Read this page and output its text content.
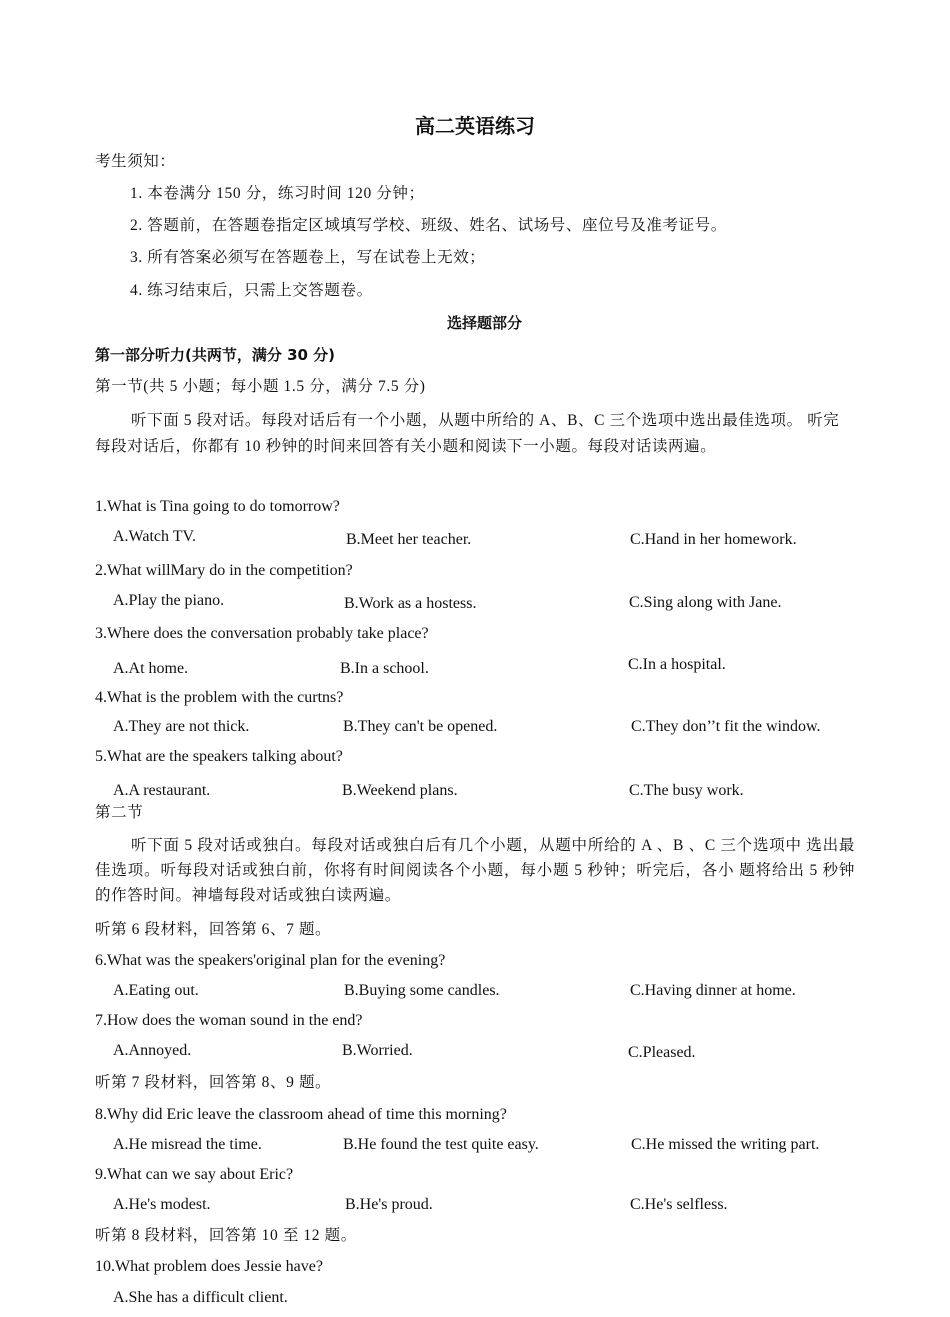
高二英语练习
考生须知：
1. 本卷满分 150 分，练习时间 120 分钟；
2. 答题前，在答题卷指定区域填写学校、班级、姓名、试场号、座位号及准考证号。
3. 所有答案必须写在答题卷上，写在试卷上无效；
4. 练习结束后，只需上交答题卷。
选择题部分
第一部分听力(共两节，满分 30 分)
第一节(共 5 小题；每小题 1.5 分，满分 7.5 分)
听下面 5 段对话。每段对话后有一个小题，从题中所给的 A、B、C 三个选项中选出最佳选项。 听完每段对话后，你都有 10 秒钟的时间来回答有关小题和阅读下一小题。每段对话读两遍。
1.What is Tina going to do tomorrow?
A.Watch TV.	B.Meet her teacher.	C.Hand in her homework.
2.What willMary do in the competition?
A.Play the piano.	B.Work as a hostess.	C.Sing along with Jane.
3.Where does the conversation probably take place?
A.At home.	B.In a school.	C.In a hospital.
4.What is the problem with the curtns?
A.They are not thick.	B.They can't be opened.	C.They don’’t fit the window.
5.What are the speakers talking about?
A.A restaurant.	B.Weekend plans.	C.The busy work.
第二节
听下面 5 段对话或独白。每段对话或独白后有几个小题，从题中所给的 A 、B 、C 三个选项中 选出最佳选项。听每段对话或独白前，你将有时间阅读各个小题，每小题 5 秒钟；听完后，各小 题将给出 5 秒钟的作答时间。神墙每段对话或独白读两遍。
听第 6 段材料，回答第 6、7 题。
6.What was the speakers'original plan for the evening?
A.Eating out.	B.Buying some candles.	C.Having dinner at home.
7.How does the woman sound in the end?
A.Annoyed.	B.Worried.	C.Pleased.
听第 7 段材料，回答第 8、9 题。
8.Why did Eric leave the classroom ahead of time this morning?
A.He misread the time.	B.He found the test quite easy.	C.He missed the writing part.
9.What can we say about Eric?
A.He's modest.	B.He's proud.	C.He's selfless.
听第 8 段材料，回答第 10 至 12 题。
10.What problem does Jessie have?
A.She has a difficult client.
